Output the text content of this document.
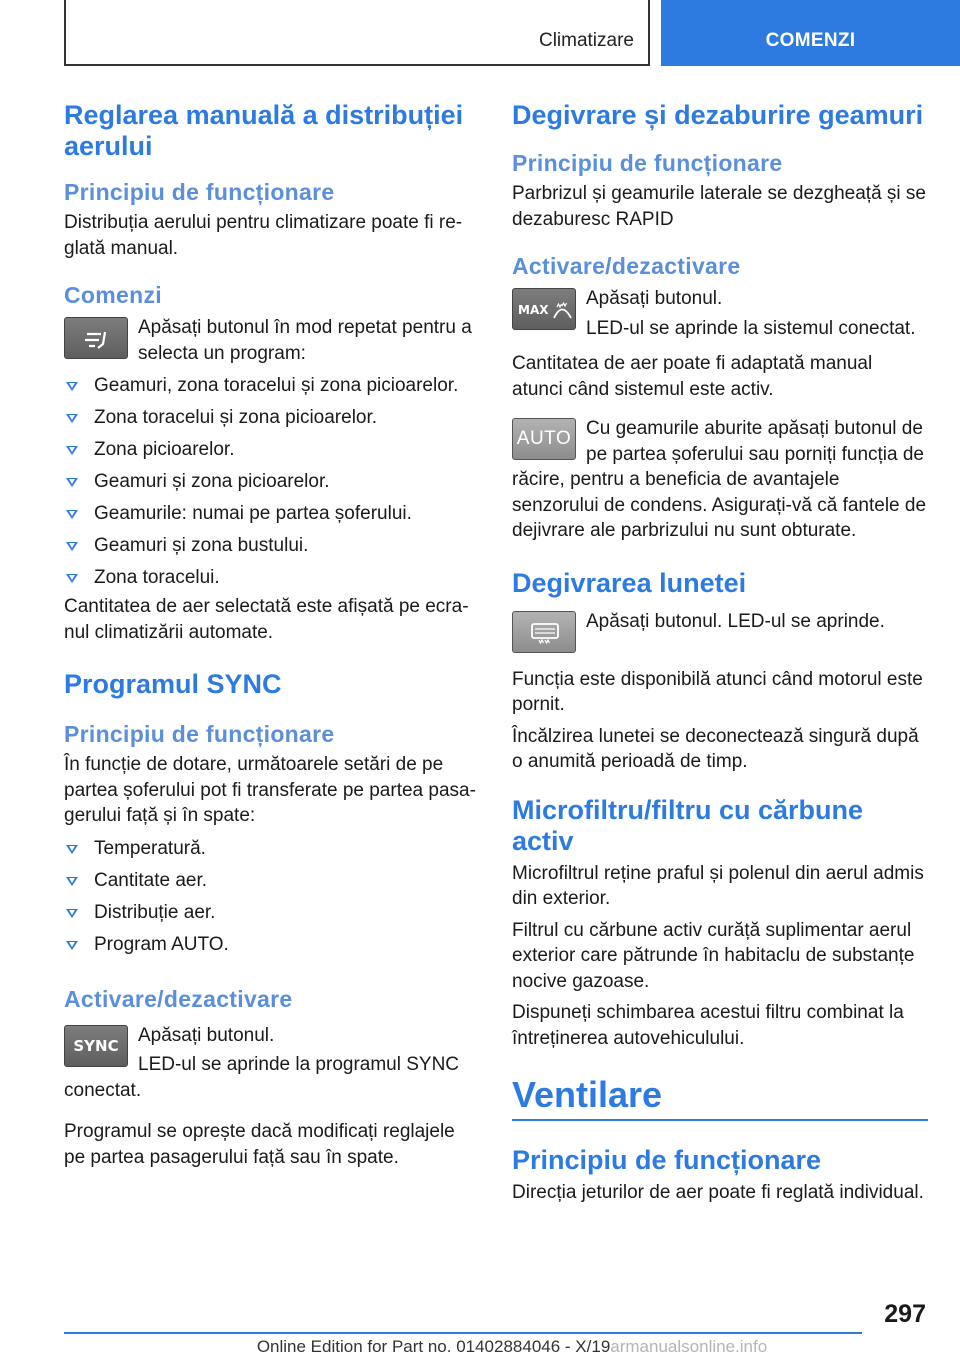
Climatizare	COMENZI
Reglarea manuală a distribuției aerului
Principiu de funcționare

Distribuția aerului pentru climatizare poate fi reglată manual.

Comenzi

Apăsați butonul în mod repetat pentru a selecta un program:

Geamuri, zona toracelui și zona picioarelor.
Zona toracelui și zona picioarelor.
Zona picioarelor.
Geamuri și zona picioarelor.
Geamurile: numai pe partea șoferului.
Geamuri și zona bustului.
Zona toracelui.

Cantitatea de aer selectată este afișată pe ecranul climatizării automate.

Programul SYNC
Principiu de funcționare

În funcție de dotare, următoarele setări de pe partea șoferului pot fi transferate pe partea pasagerului față și în spate:

Temperatură.
Cantitate aer.
Distribuție aer.
Program AUTO.
Activare/dezactivare
SYNC	Apăsați butonul.

LED-ul se aprinde la programul SYNC conectat.

Programul se oprește dacă modificați reglajele pe partea pasagerului față sau în spate.

Degivrare și dezaburire geamuri
Principiu de funcționare

Parbrizul și geamurile laterale se dezgheață și se dezaburesc RAPID

Activare/dezactivare
MAX

Apăsați butonul.

LED-ul se aprinde la sistemul conectat.

Cantitatea de aer poate fi adaptată manual atunci când sistemul este activ.

AUTO Cu geamurile aburite apăsați butonul de pe partea șoferului sau porniți funcția de răcire, pentru a beneficia de avantajele senzorului de condens. Asigurați-vă că fantele de dejivrare ale parbrizului nu sunt obturate.

Degivrarea lunetei

Apăsați butonul. LED-ul se aprinde.

Funcția este disponibilă atunci când motorul este pornit.

Încălzirea lunetei se deconectează singură după o anumită perioadă de timp.

Microfiltru/filtru cu cărbune activ

Microfiltrul reține praful și polenul din aerul admis din exterior.

Filtrul cu cărbune activ curăță suplimentar aerul exterior care pătrunde în habitaclu de substanțe nocive gazoase.

Dispuneți schimbarea acestui filtru combinat la întreținerea autovehiculului.

Ventilare
Principiu de funcționare

Direcția jeturilor de aer poate fi reglată individual.

297
Online Edition for Part no. 01402884046 - X/19armanualsonline.info
